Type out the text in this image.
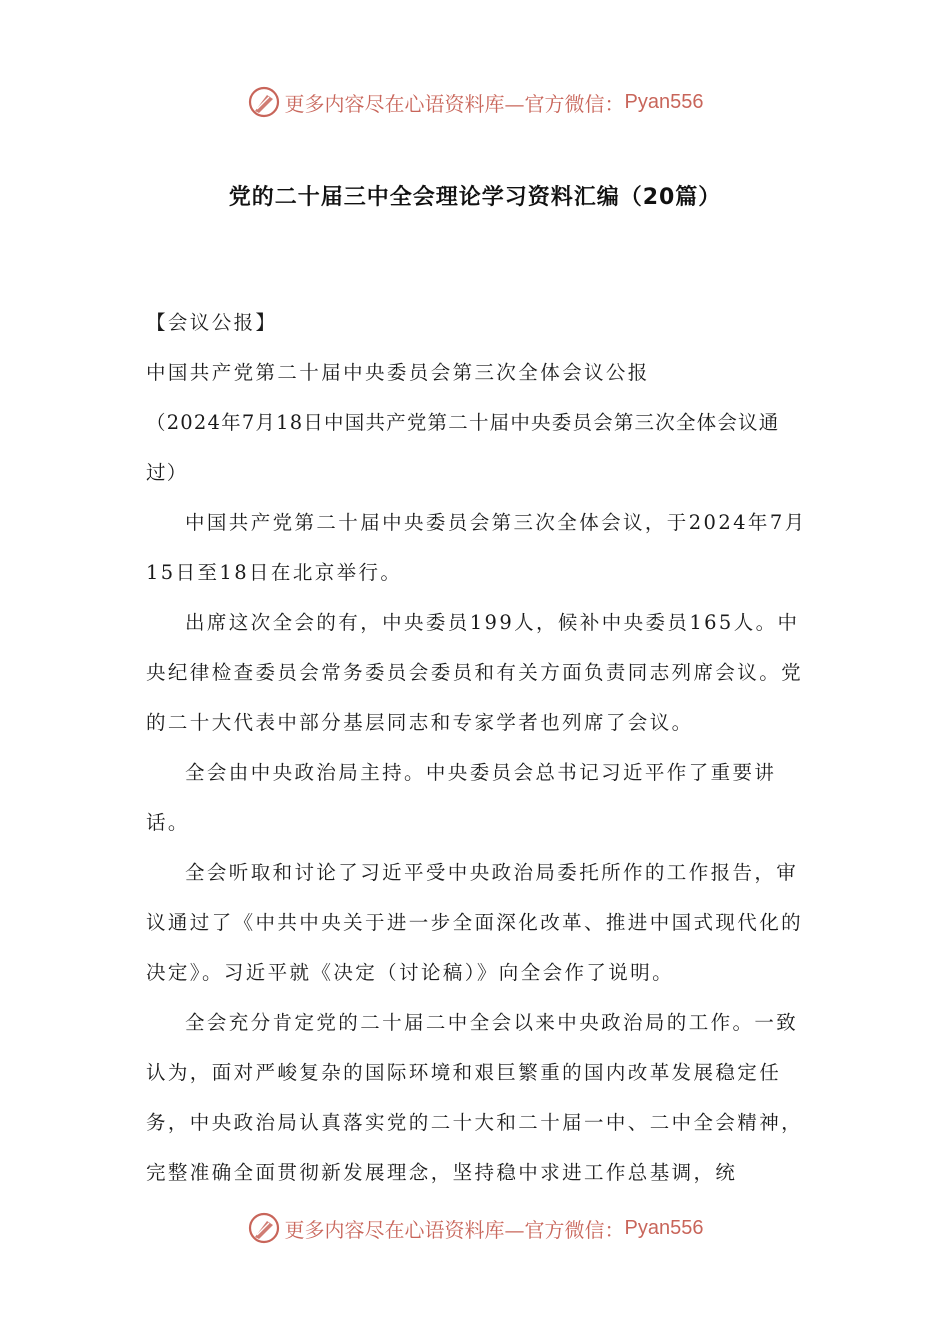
更多内容尽在心语资料库—官方微信： Pyan556
党的二十届三中全会理论学习资料汇编（20篇）

【会议公报】

中国共产党第二十届中央委员会第三次全体会议公报

（2024年7月18日中国共产党第二十届中央委员会第三次全体会议通过）

中国共产党第二十届中央委员会第三次全体会议，于2024年7月15日至18日在北京举行。

出席这次全会的有，中央委员199人，候补中央委员165人。中央纪律检查委员会常务委员会委员和有关方面负责同志列席会议。党的二十大代表中部分基层同志和专家学者也列席了会议。

全会由中央政治局主持。中央委员会总书记习近平作了重要讲话。

全会听取和讨论了习近平受中央政治局委托所作的工作报告，审议通过了《中共中央关于进一步全面深化改革、推进中国式现代化的决定》。习近平就《决定（讨论稿）》向全会作了说明。

全会充分肯定党的二十届二中全会以来中央政治局的工作。一致认为，面对严峻复杂的国际环境和艰巨繁重的国内改革发展稳定任务，中央政治局认真落实党的二十大和二十届一中、二中全会精神，完整准确全面贯彻新发展理念，坚持稳中求进工作总基调，统

更多内容尽在心语资料库—官方微信： Pyan556
